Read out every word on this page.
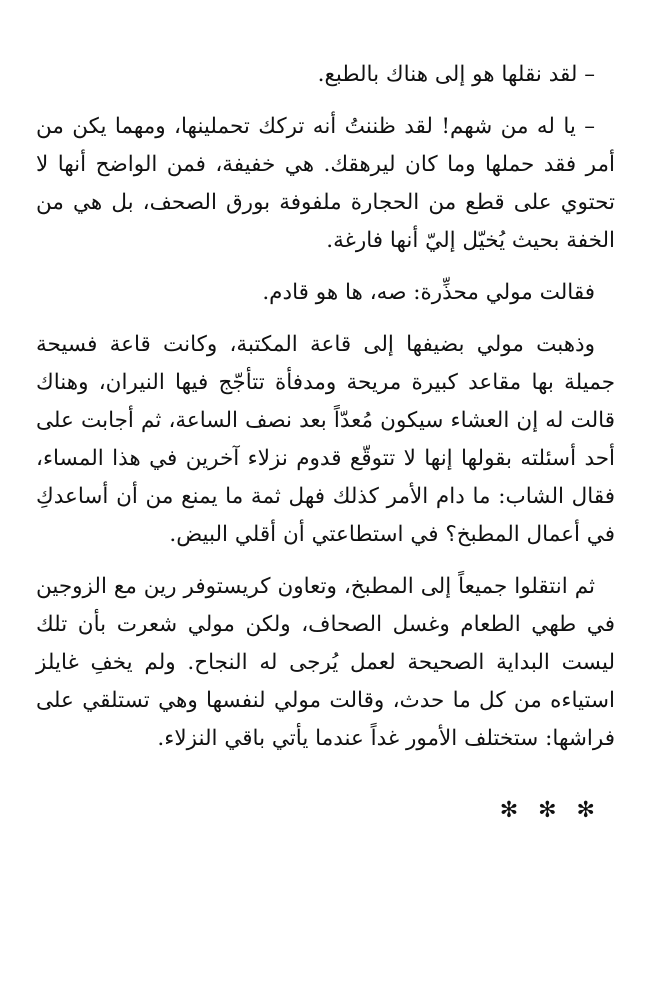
– لقد نقلها هو إلى هناك بالطبع.

– يا له من شهم! لقد ظننتُ أنه تركك تحملينها، ومهما يكن من أمر فقد حملها وما كان ليرهقك. هي خفيفة، فمن الواضح أنها لا تحتوي على قطع من الحجارة ملفوفة بورق الصحف، بل هي من الخفة بحيث يُخيّل إليّ أنها فارغة.

فقالت مولي محذِّرة: صه، ها هو قادم.

وذهبت مولي بضيفها إلى قاعة المكتبة، وكانت قاعة فسيحة جميلة بها مقاعد كبيرة مريحة ومدفأة تتأجّج فيها النيران، وهناك قالت له إن العشاء سيكون مُعدّاً بعد نصف الساعة، ثم أجابت على أحد أسئلته بقولها إنها لا تتوقّع قدوم نزلاء آخرين في هذا المساء، فقال الشاب: ما دام الأمر كذلك فهل ثمة ما يمنع من أن أساعدكِ في أعمال المطبخ؟ في استطاعتي أن أقلي البيض.

ثم انتقلوا جميعاً إلى المطبخ، وتعاون كريستوفر رين مع الزوجين في طهي الطعام وغسل الصحاف، ولكن مولي شعرت بأن تلك ليست البداية الصحيحة لعمل يُرجى له النجاح. ولم يخفِ غايلز استياءه من كل ما حدث، وقالت مولي لنفسها وهي تستلقي على فراشها: ستختلف الأمور غداً عندما يأتي باقي النزلاء.

✻✻✻
